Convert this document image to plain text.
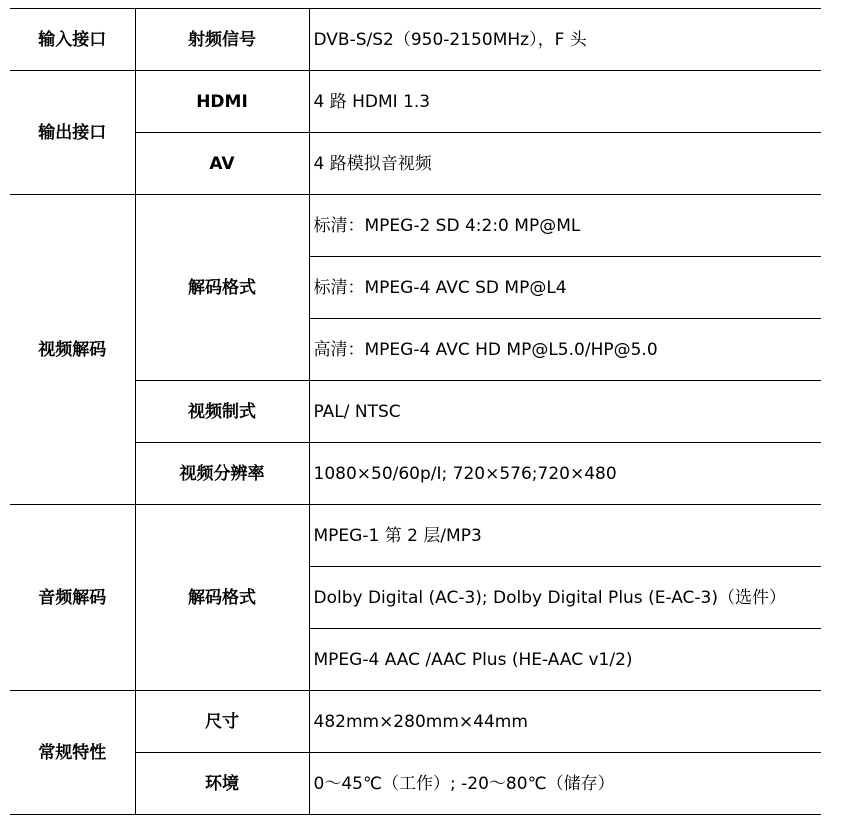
输入接口	射频信号	DVB-S/S2（950-2150MHz），F 头
输出接口	HDMI	4 路 HDMI 1.3
	AV	4 路模拟音视频
视频解码	解码格式	标清：MPEG-2 SD 4:2:0 MP@ML
		标清：MPEG-4 AVC SD MP@L4
		高清：MPEG-4 AVC HD MP@L5.0/HP@5.0
	视频制式	PAL/ NTSC
	视频分辨率	1080×50/60p/I; 720×576;720×480
音频解码	解码格式	MPEG-1 第 2 层/MP3
		Dolby Digital (AC-3); Dolby Digital Plus (E-AC-3)（选件）
		MPEG-4 AAC /AAC Plus (HE-AAC v1/2)
常规特性	尺寸	482mm×280mm×44mm
	环境	0～45℃（工作）; -20～80℃（储存）
